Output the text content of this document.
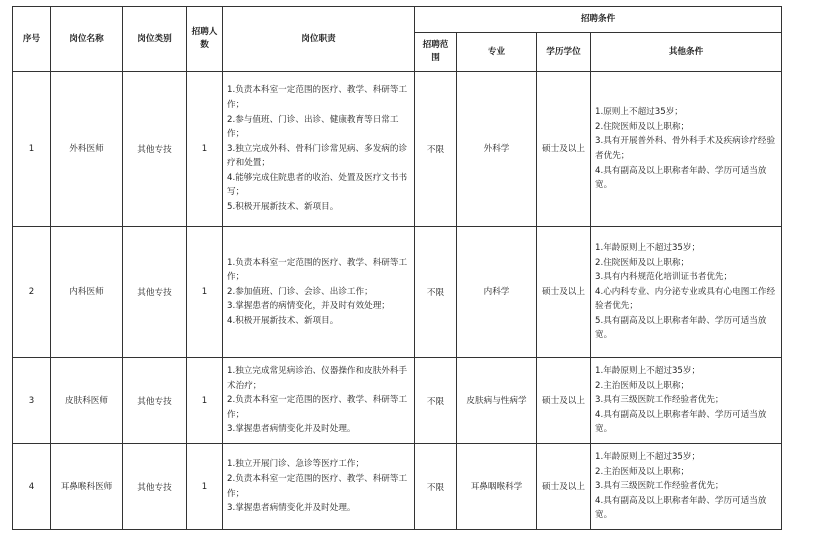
序号	岗位名称	岗位类别	招聘人数	岗位职责	招聘条件			
					招聘范围	专业	学历学位	其他条件
1	外科医师	其他专技	1	1.负责本科室一定范围的医疗、教学、科研等工作；
2.参与值班、门诊、出诊、健康教育等日常工作；
3.独立完成外科、骨科门诊常见病、多发病的诊疗和处置；
4.能够完成住院患者的收治、处置及医疗文书书写；
5.积极开展新技术、新项目。	不限	外科学	硕士及以上	1.原则上不超过35岁；
2.住院医师及以上职称；
3.具有开展普外科、骨外科手术及疾病诊疗经验者优先；
4.具有副高及以上职称者年龄、学历可适当放宽。

2	内科医师	其他专技	1	1.负责本科室一定范围的医疗、教学、科研等工作；
2.参加值班、门诊、会诊、出诊工作；
3.掌握患者的病情变化，并及时有效处理；
4.积极开展新技术、新项目。	不限	内科学	硕士及以上	1.年龄原则上不超过35岁；
2.住院医师及以上职称；
3.具有内科规范化培训证书者优先；
4.心内科专业、内分泌专业或具有心电图工作经验者优先；
5.具有副高及以上职称者年龄、学历可适当放宽。

3	皮肤科医师	其他专技	1	1.独立完成常见病诊治、仪器操作和皮肤外科手术治疗；
2.负责本科室一定范围的医疗、教学、科研等工作；
3.掌握患者病情变化并及时处理。	不限	皮肤病与性病学	硕士及以上	1.年龄原则上不超过35岁；
2.主治医师及以上职称；
3.具有三级医院工作经验者优先；
4.具有副高及以上职称者年龄、学历可适当放宽。

4	耳鼻喉科医师	其他专技	1	1.独立开展门诊、急诊等医疗工作；
2.负责本科室一定范围的医疗、教学、科研等工作；
3.掌握患者病情变化并及时处理。	不限	耳鼻咽喉科学	硕士及以上	1.年龄原则上不超过35岁；
2.主治医师及以上职称；
3.具有三级医院工作经验者优先；
4.具有副高及以上职称者年龄、学历可适当放宽。
